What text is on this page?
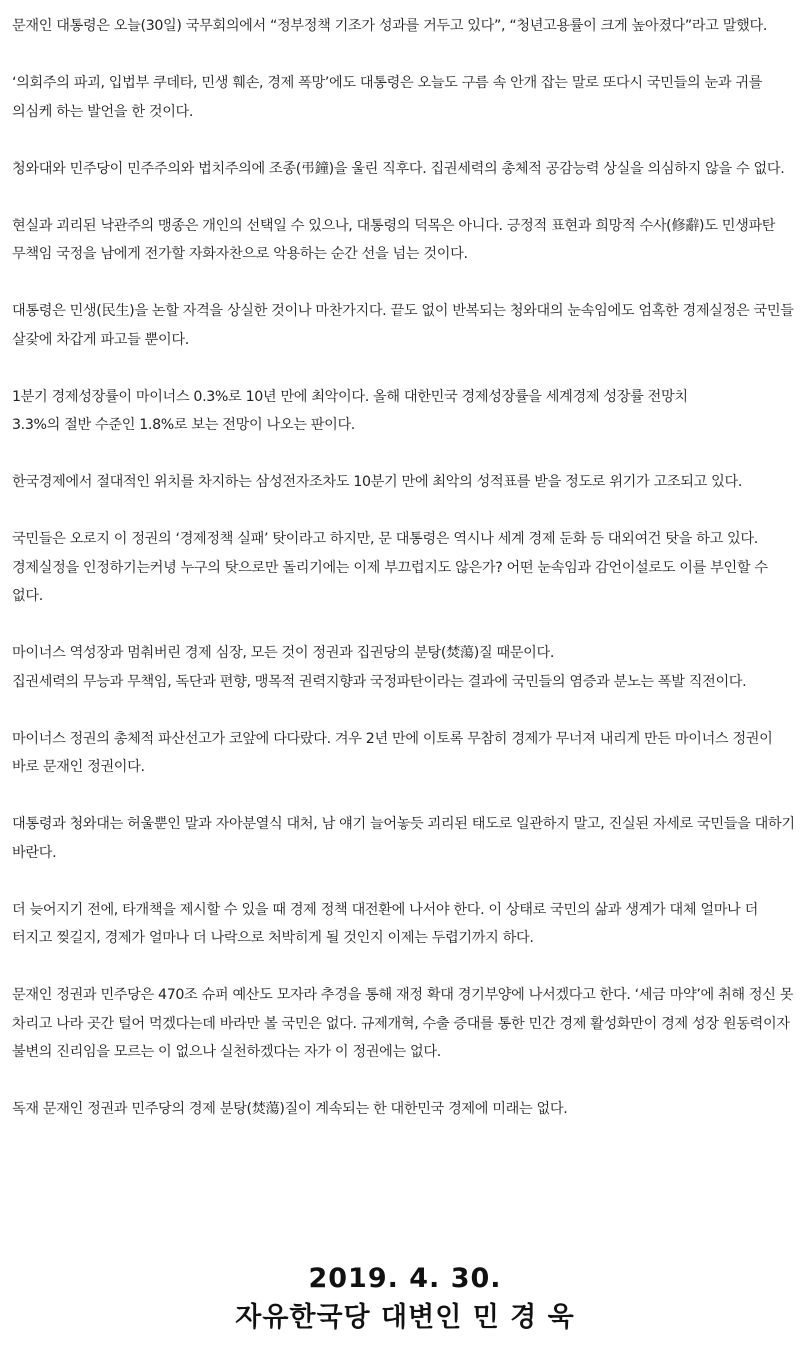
문재인 대통령은 오늘(30일) 국무회의에서 “정부정책 기조가 성과를 거두고 있다”, “청년고용률이 크게 높아졌다”라고 말했다.

‘의회주의 파괴, 입법부 쿠데타, 민생 훼손, 경제 폭망’에도 대통령은 오늘도 구름 속 안개 잡는 말로 또다시 국민들의 눈과 귀를 의심케 하는 발언을 한 것이다.

청와대와 민주당이 민주주의와 법치주의에 조종(弔鐘)을 울린 직후다. 집권세력의 총체적 공감능력 상실을 의심하지 않을 수 없다.

현실과 괴리된 낙관주의 맹종은 개인의 선택일 수 있으나, 대통령의 덕목은 아니다. 긍정적 표현과 희망적 수사(修辭)도 민생파탄 무책임 국정을 남에게 전가할 자화자찬으로 악용하는 순간 선을 넘는 것이다.

대통령은 민생(民生)을 논할 자격을 상실한 것이나 마찬가지다. 끝도 없이 반복되는 청와대의 눈속임에도 엄혹한 경제실정은 국민들 살갗에 차갑게 파고들 뿐이다.

1분기 경제성장률이 마이너스 0.3%로 10년 만에 최악이다. 올해 대한민국 경제성장률을 세계경제 성장률 전망치
3.3%의 절반 수준인 1.8%로 보는 전망이 나오는 판이다.

한국경제에서 절대적인 위치를 차지하는 삼성전자조차도 10분기 만에 최악의 성적표를 받을 정도로 위기가 고조되고 있다.

국민들은 오로지 이 정권의 ‘경제정책 실패’ 탓이라고 하지만, 문 대통령은 역시나 세계 경제 둔화 등 대외여건 탓을 하고 있다. 경제실정을 인정하기는커녕 누구의 탓으로만 돌리기에는 이제 부끄럽지도 않은가? 어떤 눈속임과 감언이설로도 이를 부인할 수 없다.

마이너스 역성장과 멈춰버린 경제 심장, 모든 것이 정권과 집권당의 분탕(焚蕩)질 때문이다.

집권세력의 무능과 무책임, 독단과 편향, 맹목적 권력지향과 국정파탄이라는 결과에 국민들의 염증과 분노는 폭발 직전이다.

마이너스 정권의 총체적 파산선고가 코앞에 다다랐다. 겨우 2년 만에 이토록 무참히 경제가 무너져 내리게 만든 마이너스 정권이 바로 문재인 정권이다.

대통령과 청와대는 허울뿐인 말과 자아분열식 대처, 남 얘기 늘어놓듯 괴리된 태도로 일관하지 말고, 진실된 자세로 국민들을 대하기 바란다.

더 늦어지기 전에, 타개책을 제시할 수 있을 때 경제 정책 대전환에 나서야 한다. 이 상태로 국민의 삶과 생계가 대체 얼마나 더 터지고 찢길지, 경제가 얼마나 더 나락으로 처박히게 될 것인지 이제는 두렵기까지 하다.

문재인 정권과 민주당은 470조 슈퍼 예산도 모자라 추경을 통해 재정 확대 경기부양에 나서겠다고 한다. ‘세금 마약’에 취해 정신 못 차리고 나라 곳간 털어 먹겠다는데 바라만 볼 국민은 없다. 규제개혁, 수출 증대를 통한 민간 경제 활성화만이 경제 성장 원동력이자 불변의 진리임을 모르는 이 없으나 실천하겠다는 자가 이 정권에는 없다.

독재 문재인 정권과 민주당의 경제 분탕(焚蕩)질이 계속되는 한 대한민국 경제에 미래는 없다.

2019. 4. 30.

자유한국당 대변인 민 경 욱
